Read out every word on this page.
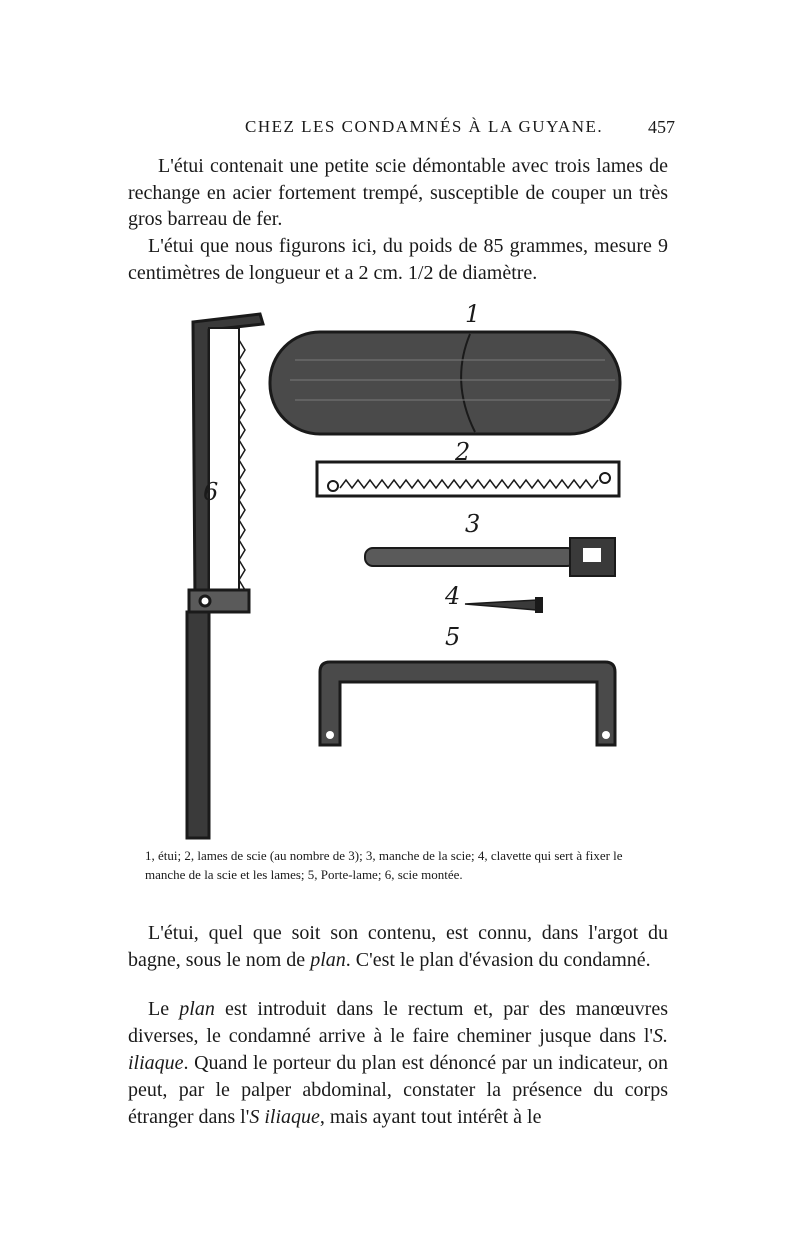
CHEZ LES CONDAMNÉS À LA GUYANE. 457

L'étui contenait une petite scie démontable avec trois lames de rechange en acier fortement trempé, susceptible de couper un très gros barreau de fer.

L'étui que nous figurons ici, du poids de 85 grammes, mesure 9 centimètres de longueur et a 2 cm. 1/2 de diamètre.

6
1
2
3
4
5

1, étui; 2, lames de scie (au nombre de 3); 3, manche de la scie; 4, clavette qui sert à fixer le manche de la scie et les lames; 5, Porte-lame; 6, scie montée.

L'étui, quel que soit son contenu, est connu, dans l'argot du bagne, sous le nom de plan. C'est le plan d'évasion du condamné.

Le plan est introduit dans le rectum et, par des manœuvres diverses, le condamné arrive à le faire cheminer jusque dans l'S. iliaque. Quand le porteur du plan est dénoncé par un indicateur, on peut, par le palper abdominal, constater la présence du corps étranger dans l'S iliaque, mais ayant tout intérêt à le
